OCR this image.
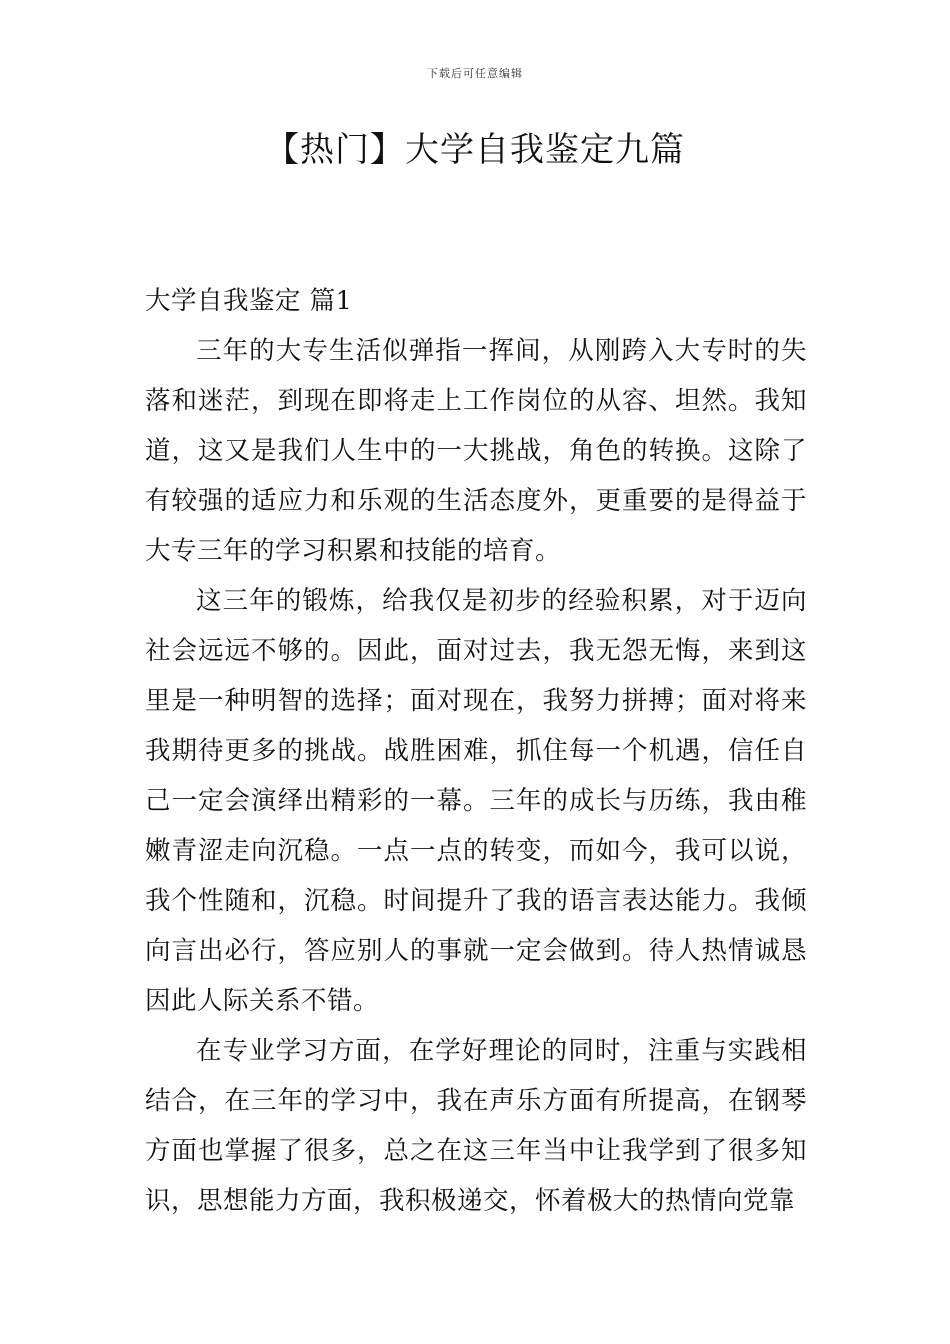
下载后可任意编辑
【热门】大学自我鉴定九篇
大学自我鉴定 篇1

三年的大专生活似弹指一挥间，从刚跨入大专时的失落和迷茫，到现在即将走上工作岗位的从容、坦然。我知道，这又是我们人生中的一大挑战，角色的转换。这除了有较强的适应力和乐观的生活态度外，更重要的是得益于大专三年的学习积累和技能的培育。

这三年的锻炼，给我仅是初步的经验积累，对于迈向社会远远不够的。因此，面对过去，我无怨无悔，来到这里是一种明智的选择；面对现在，我努力拼搏；面对将来我期待更多的挑战。战胜困难，抓住每一个机遇，信任自己一定会演绎出精彩的一幕。三年的成长与历练，我由稚嫩青涩走向沉稳。一点一点的转变，而如今，我可以说，我个性随和，沉稳。时间提升了我的语言表达能力。我倾向言出必行，答应别人的事就一定会做到。待人热情诚恳因此人际关系不错。

在专业学习方面，在学好理论的同时，注重与实践相结合，在三年的学习中，我在声乐方面有所提高，在钢琴方面也掌握了很多，总之在这三年当中让我学到了很多知识，思想能力方面，我积极递交，怀着极大的热情向党靠
